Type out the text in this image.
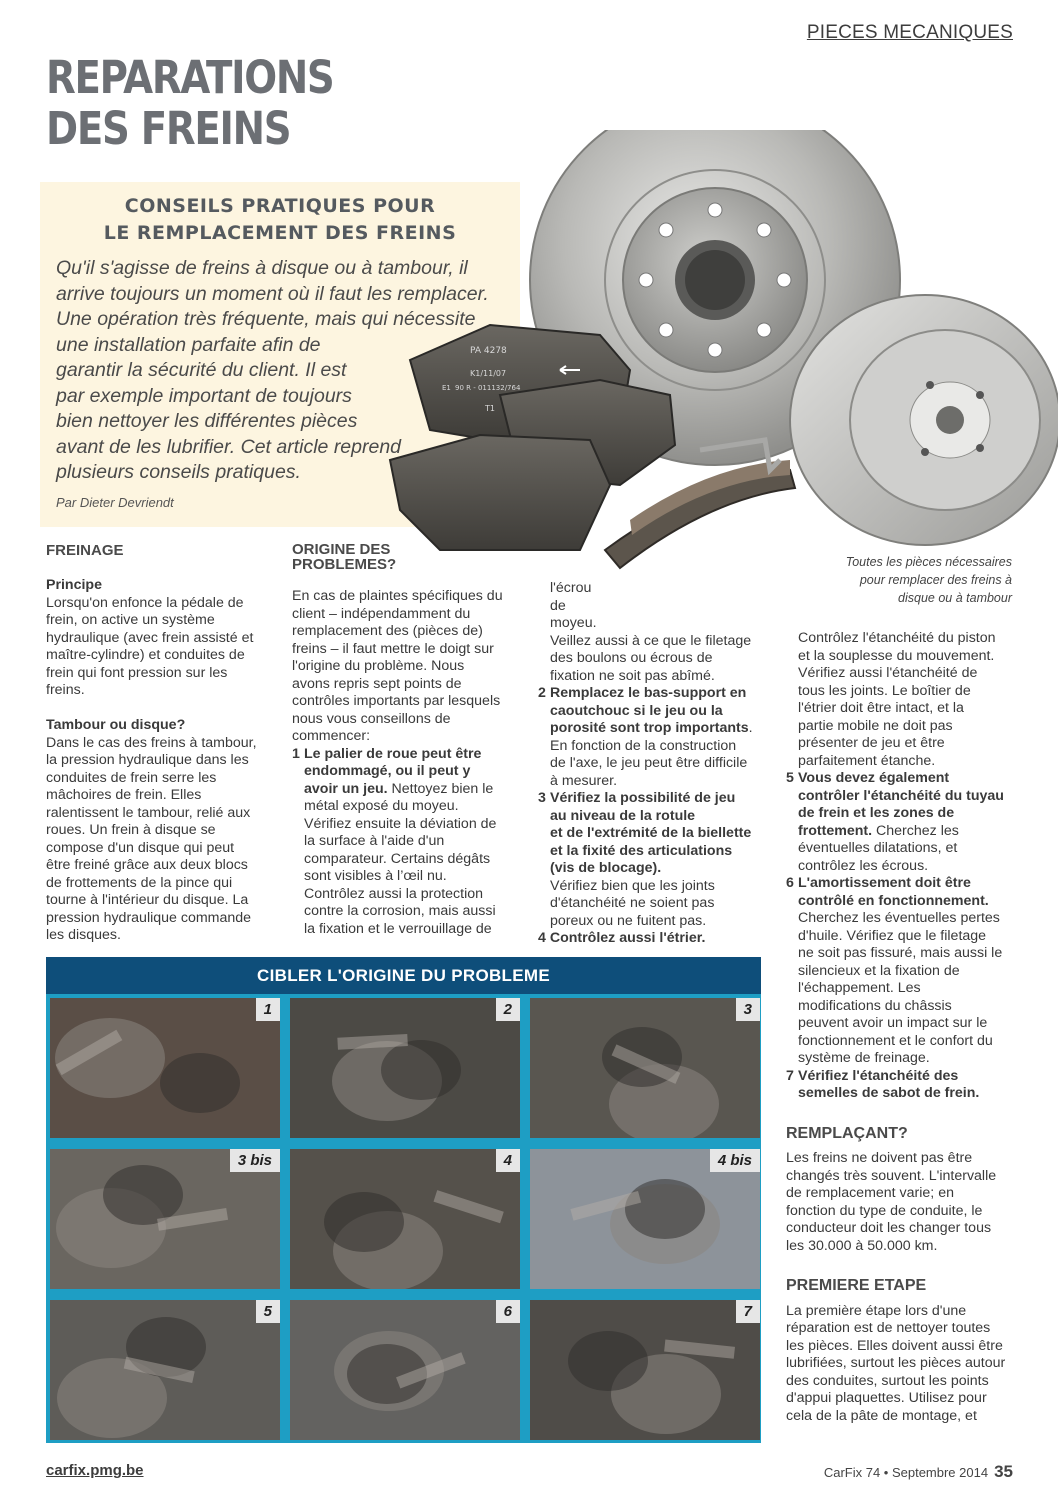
PIECES MECANIQUES
REPARATIONS
DES FREINS
CONSEILS PRATIQUES POUR
LE REMPLACEMENT DES FREINS
PA 4278
K1/11/07
E1 90 R - 011132/764
T1
Qu'il s'agisse de freins à disque ou à tambour, il
arrive toujours un moment où il faut les remplacer.
Une opération très fréquente, mais qui nécessite
une installation parfaite afin de
garantir la sécurité du client. Il est
par exemple important de toujours
bien nettoyer les différentes pièces
avant de les lubrifier. Cet article reprend
plusieurs conseils pratiques.
Par Dieter Devriendt
Toutes les pièces nécessaires
pour remplacer des freins à
disque ou à tambour
FREINAGE

Principe
Lorsqu'on enfonce la pédale de
frein, on active un système
hydraulique (avec frein assisté et
maître-cylindre) et conduites de
frein qui font pression sur les
freins.

Tambour ou disque?
Dans le cas des freins à tambour,
la pression hydraulique dans les
conduites de frein serre les
mâchoires de frein. Elles
ralentissent le tambour, relié aux
roues. Un frein à disque se
compose d'un disque qui peut
être freiné grâce aux deux blocs
de frottements de la pince qui
tourne à l'intérieur du disque. La
pression hydraulique commande
les disques.
ORIGINE DES
PROBLEMES?

En cas de plaintes spécifiques du
client – indépendamment du
remplacement des (pièces de)
freins – il faut mettre le doigt sur
l'origine du problème. Nous
avons repris sept points de
contrôles importants par lesquels
nous vous conseillons de
commencer:
1 Le palier de roue peut être
endommagé, ou il peut y
avoir un jeu. Nettoyez bien le
métal exposé du moyeu.
Vérifiez ensuite la déviation de
la surface à l'aide d'un
comparateur. Certains dégâts
sont visibles à l’œil nu.
Contrôlez aussi la protection
contre la corrosion, mais aussi
la fixation et le verrouillage de
l'écrou
de
moyeu.
Veillez aussi à ce que le filetage
des boulons ou écrous de
fixation ne soit pas abîmé.
2 Remplacez le bas-support en
caoutchouc si le jeu ou la
porosité sont trop importants.
En fonction de la construction
de l'axe, le jeu peut être difficile
à mesurer.
3 Vérifiez la possibilité de jeu
au niveau de la rotule
et de l'extrémité de la biellette
et la fixité des articulations
(vis de blocage).
Vérifiez bien que les joints
d'étanchéité ne soient pas
poreux ou ne fuitent pas.
4 Contrôlez aussi l'étrier.
Contrôlez l'étanchéité du piston
et la souplesse du mouvement.
Vérifiez aussi l'étanchéité de
tous les joints. Le boîtier de
l'étrier doit être intact, et la
partie mobile ne doit pas
présenter de jeu et être
parfaitement étanche.
5 Vous devez également
contrôler l'étanchéité du tuyau
de frein et les zones de
frottement. Cherchez les
éventuelles dilatations, et
contrôlez les écrous.
6 L'amortissement doit être
contrôlé en fonctionnement.
Cherchez les éventuelles pertes
d'huile. Vérifiez que le filetage
ne soit pas fissuré, mais aussi le
silencieux et la fixation de
l'échappement. Les
modifications du châssis
peuvent avoir un impact sur le
fonctionnement et le confort du
système de freinage.
7 Vérifiez l'étanchéité des
semelles de sabot de frein.

REMPLAÇANT?

Les freins ne doivent pas être
changés très souvent. L'intervalle
de remplacement varie; en
fonction du type de conduite, le
conducteur doit les changer tous
les 30.000 à 50.000 km.

PREMIERE ETAPE

La première étape lors d'une
réparation est de nettoyer toutes
les pièces. Elles doivent aussi être
lubrifiées, surtout les pièces autour
des conduites, surtout les points
d'appui plaquettes. Utilisez pour
cela de la pâte de montage, et
CIBLER L'ORIGINE DU PROBLEME
1	2	3
3 bis	4	4 bis
5	6	7
carfix.pmg.be	CarFix 74 • Septembre 2014 35
